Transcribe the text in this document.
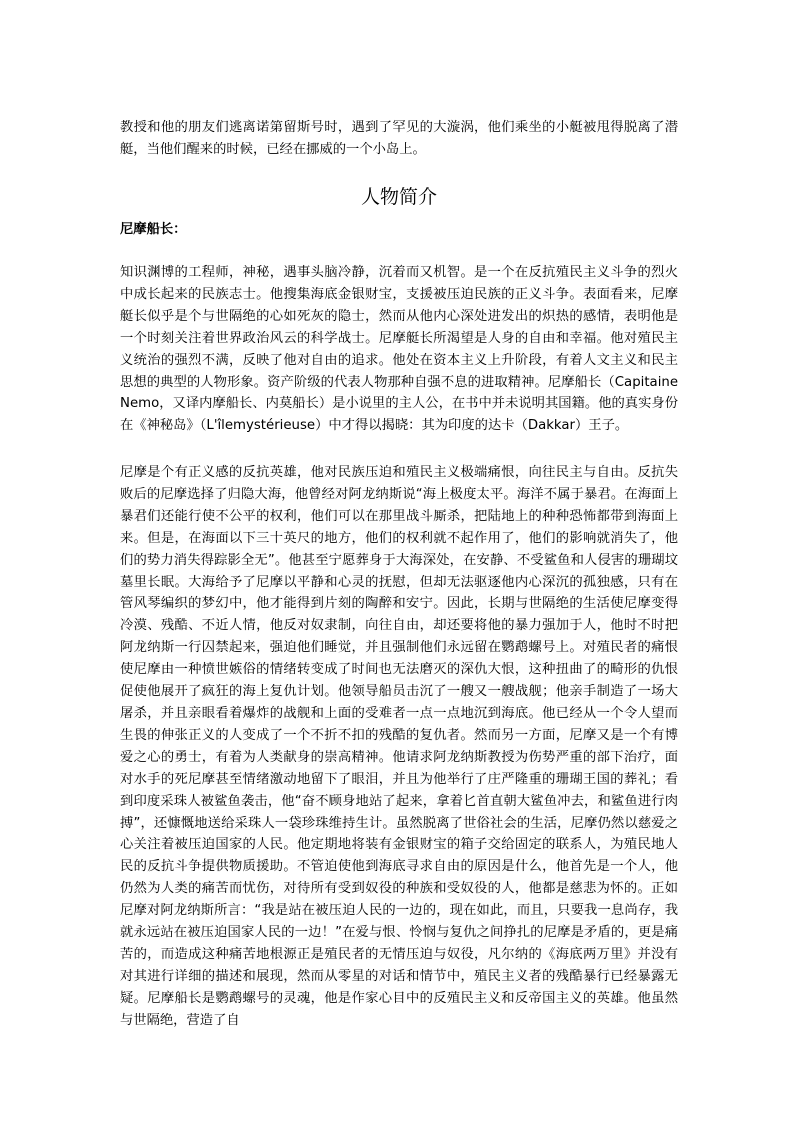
教授和他的朋友们逃离诺第留斯号时，遇到了罕见的大漩涡，他们乘坐的小艇被甩得脱离了潜艇，当他们醒来的时候，已经在挪威的一个小岛上。

人物简介

尼摩船长：

知识渊博的工程师，神秘，遇事头脑冷静，沉着而又机智。是一个在反抗殖民主义斗争的烈火中成长起来的民族志士。他搜集海底金银财宝，支援被压迫民族的正义斗争。表面看来，尼摩艇长似乎是个与世隔绝的心如死灰的隐士，然而从他内心深处进发出的炽热的感情，表明他是一个时刻关注着世界政治风云的科学战士。尼摩艇长所渴望是人身的自由和幸福。他对殖民主义统治的强烈不满，反映了他对自由的追求。他处在资本主义上升阶段，有着人文主义和民主思想的典型的人物形象。资产阶级的代表人物那种自强不息的进取精神。尼摩船长（CapitaineNemo，又译内摩船长、内莫船长）是小说里的主人公，在书中并未说明其国籍。他的真实身份在《神秘岛》（L'îlemystérieuse）中才得以揭晓：其为印度的达卡（Dakkar）王子。

尼摩是个有正义感的反抗英雄，他对民族压迫和殖民主义极端痛恨，向往民主与自由。反抗失败后的尼摩选择了归隐大海，他曾经对阿龙纳斯说“海上极度太平。海洋不属于暴君。在海面上暴君们还能行使不公平的权利，他们可以在那里战斗厮杀，把陆地上的种种恐怖都带到海面上来。但是，在海面以下三十英尺的地方，他们的权利就不起作用了，他们的影响就消失了，他们的势力消失得踪影全无”。他甚至宁愿葬身于大海深处，在安静、不受鲨鱼和人侵害的珊瑚坟墓里长眠。大海给予了尼摩以平静和心灵的抚慰，但却无法驱逐他内心深沉的孤独感，只有在管风琴编织的梦幻中，他才能得到片刻的陶醉和安宁。因此，长期与世隔绝的生活使尼摩变得冷漠、残酷、不近人情，他反对奴隶制，向往自由，却还要将他的暴力强加于人，他时不时把阿龙纳斯一行囚禁起来，强迫他们睡觉，并且强制他们永远留在鹦鹉螺号上。对殖民者的痛恨使尼摩由一种愤世嫉俗的情绪转变成了时间也无法磨灭的深仇大恨，这种扭曲了的畸形的仇恨促使他展开了疯狂的海上复仇计划。他领导船员击沉了一艘又一艘战舰；他亲手制造了一场大屠杀，并且亲眼看着爆炸的战舰和上面的受难者一点一点地沉到海底。他已经从一个令人望而生畏的伸张正义的人变成了一个不折不扣的残酷的复仇者。然而另一方面，尼摩又是一个有博爱之心的勇士，有着为人类献身的崇高精神。他请求阿龙纳斯教授为伤势严重的部下治疗，面对水手的死尼摩甚至情绪激动地留下了眼泪，并且为他举行了庄严隆重的珊瑚王国的葬礼；看到印度采珠人被鲨鱼袭击，他“奋不顾身地站了起来，拿着匕首直朝大鲨鱼冲去，和鲨鱼进行肉搏”，还慷慨地送给采珠人一袋珍珠维持生计。虽然脱离了世俗社会的生活，尼摩仍然以慈爱之心关注着被压迫国家的人民。他定期地将装有金银财宝的箱子交给固定的联系人，为殖民地人民的反抗斗争提供物质援助。不管迫使他到海底寻求自由的原因是什么，他首先是一个人，他仍然为人类的痛苦而忧伤，对待所有受到奴役的种族和受奴役的人，他都是慈悲为怀的。正如尼摩对阿龙纳斯所言：“我是站在被压迫人民的一边的，现在如此，而且，只要我一息尚存，我就永远站在被压迫国家人民的一边！”在爱与恨、怜悯与复仇之间挣扎的尼摩是矛盾的，更是痛苦的，而造成这种痛苦地根源正是殖民者的无情压迫与奴役，凡尔纳的《海底两万里》并没有对其进行详细的描述和展现，然而从零星的对话和情节中，殖民主义者的残酷暴行已经暴露无疑。尼摩船长是鹦鹉螺号的灵魂，他是作家心目中的反殖民主义和反帝国主义的英雄。他虽然与世隔绝，营造了自
